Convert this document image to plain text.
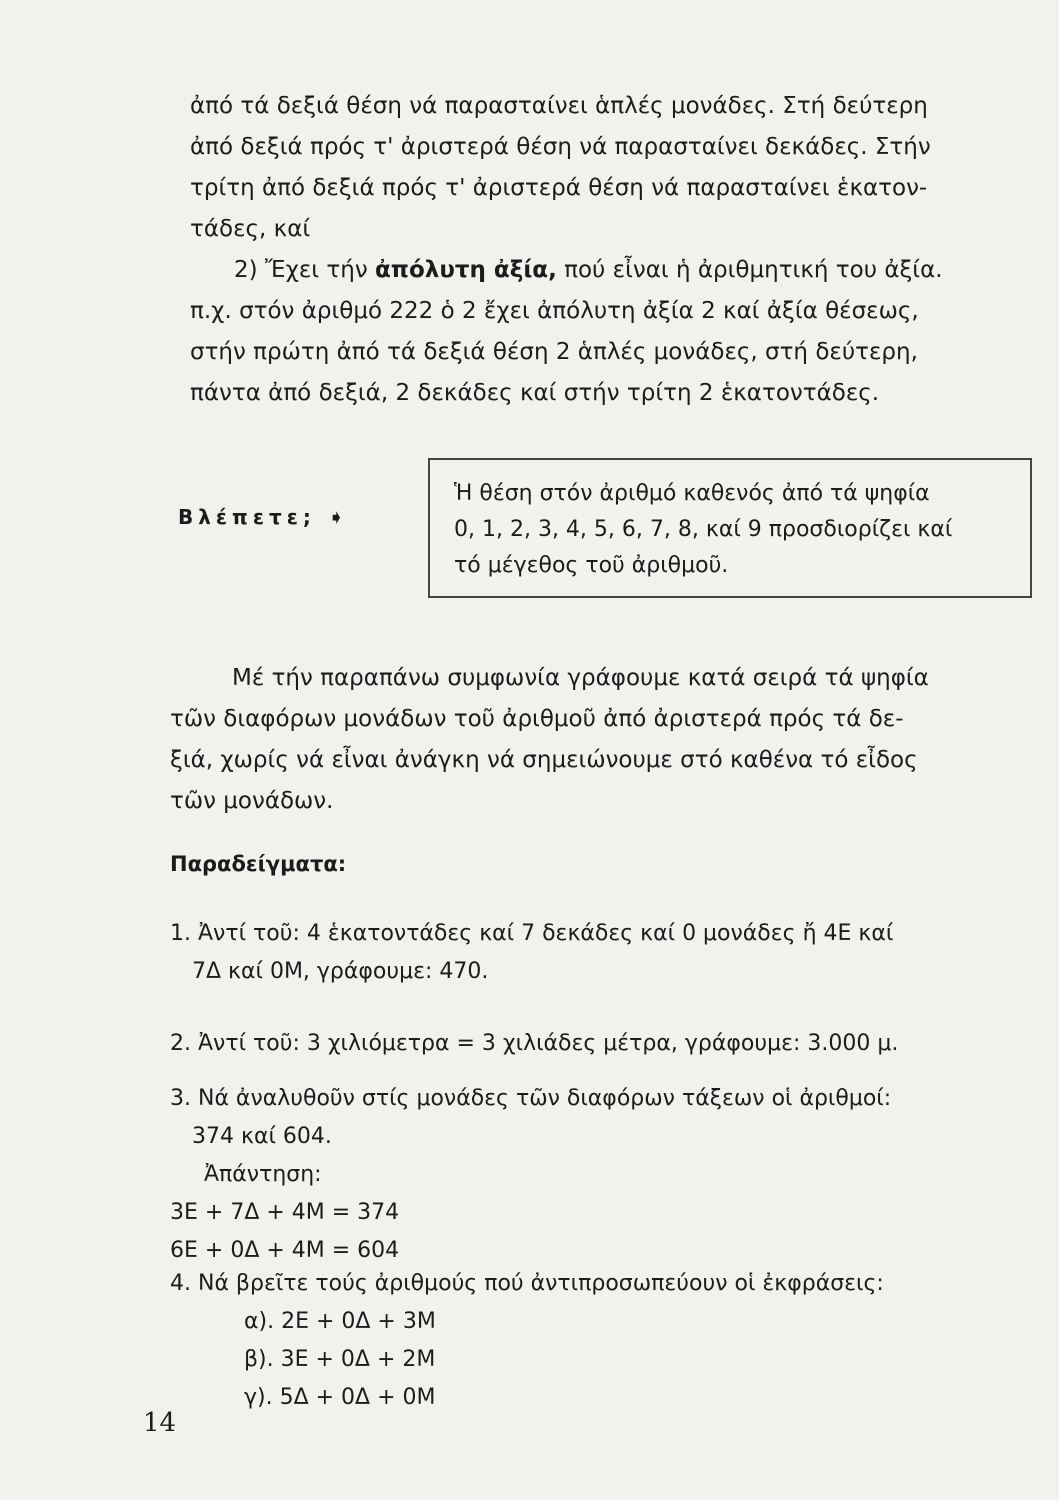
ἀπό τά δεξιά θέση νά παρασταίνει ἁπλές μονάδες. Στή δεύτερη
ἀπό δεξιά πρός τ' ἀριστερά θέση νά παρασταίνει δεκάδες. Στήν
τρίτη ἀπό δεξιά πρός τ' ἀριστερά θέση νά παρασταίνει ἑκατον-
τάδες, καί
2) Ἔχει τήν ἀπόλυτη ἀξία, πού εἶναι ἡ ἀριθμητική του ἀξία.
π.χ. στόν ἀριθμό 222 ὁ 2 ἔχει ἀπόλυτη ἀξία 2 καί ἀξία θέσεως,
στήν πρώτη ἀπό τά δεξιά θέση 2 ἁπλές μονάδες, στή δεύτερη,
πάντα ἀπό δεξιά, 2 δεκάδες καί στήν τρίτη 2 ἑκατοντάδες.
Βλέπετε; ➧
Ἡ θέση στόν ἀριθμό καθενός ἀπό τά ψηφία
0, 1, 2, 3, 4, 5, 6, 7, 8, καί 9 προσδιορίζει καί
τό μέγεθος τοῦ ἀριθμοῦ.
Μέ τήν παραπάνω συμφωνία γράφουμε κατά σειρά τά ψηφία
τῶν διαφόρων μονάδων τοῦ ἀριθμοῦ ἀπό ἀριστερά πρός τά δε-
ξιά, χωρίς νά εἶναι ἀνάγκη νά σημειώνουμε στό καθένα τό εἶδος
τῶν μονάδων.
Παραδείγματα:
1. Ἀντί τοῦ: 4 ἑκατοντάδες καί 7 δεκάδες καί 0 μονάδες ἤ 4Ε καί
7Δ καί 0Μ, γράφουμε: 470.
2. Ἀντί τοῦ: 3 χιλιόμετρα = 3 χιλιάδες μέτρα, γράφουμε: 3.000 μ.
3. Νά ἀναλυθοῦν στίς μονάδες τῶν διαφόρων τάξεων οἱ ἀριθμοί:
374 καί 604.
Ἀπάντηση:
3Ε + 7Δ + 4Μ = 374
6Ε + 0Δ + 4Μ = 604
4. Νά βρεῖτε τούς ἀριθμούς πού ἀντιπροσωπεύουν οἱ ἐκφράσεις:
α). 2Ε + 0Δ + 3Μ
β). 3Ε + 0Δ + 2Μ
γ). 5Δ + 0Δ + 0Μ
14
